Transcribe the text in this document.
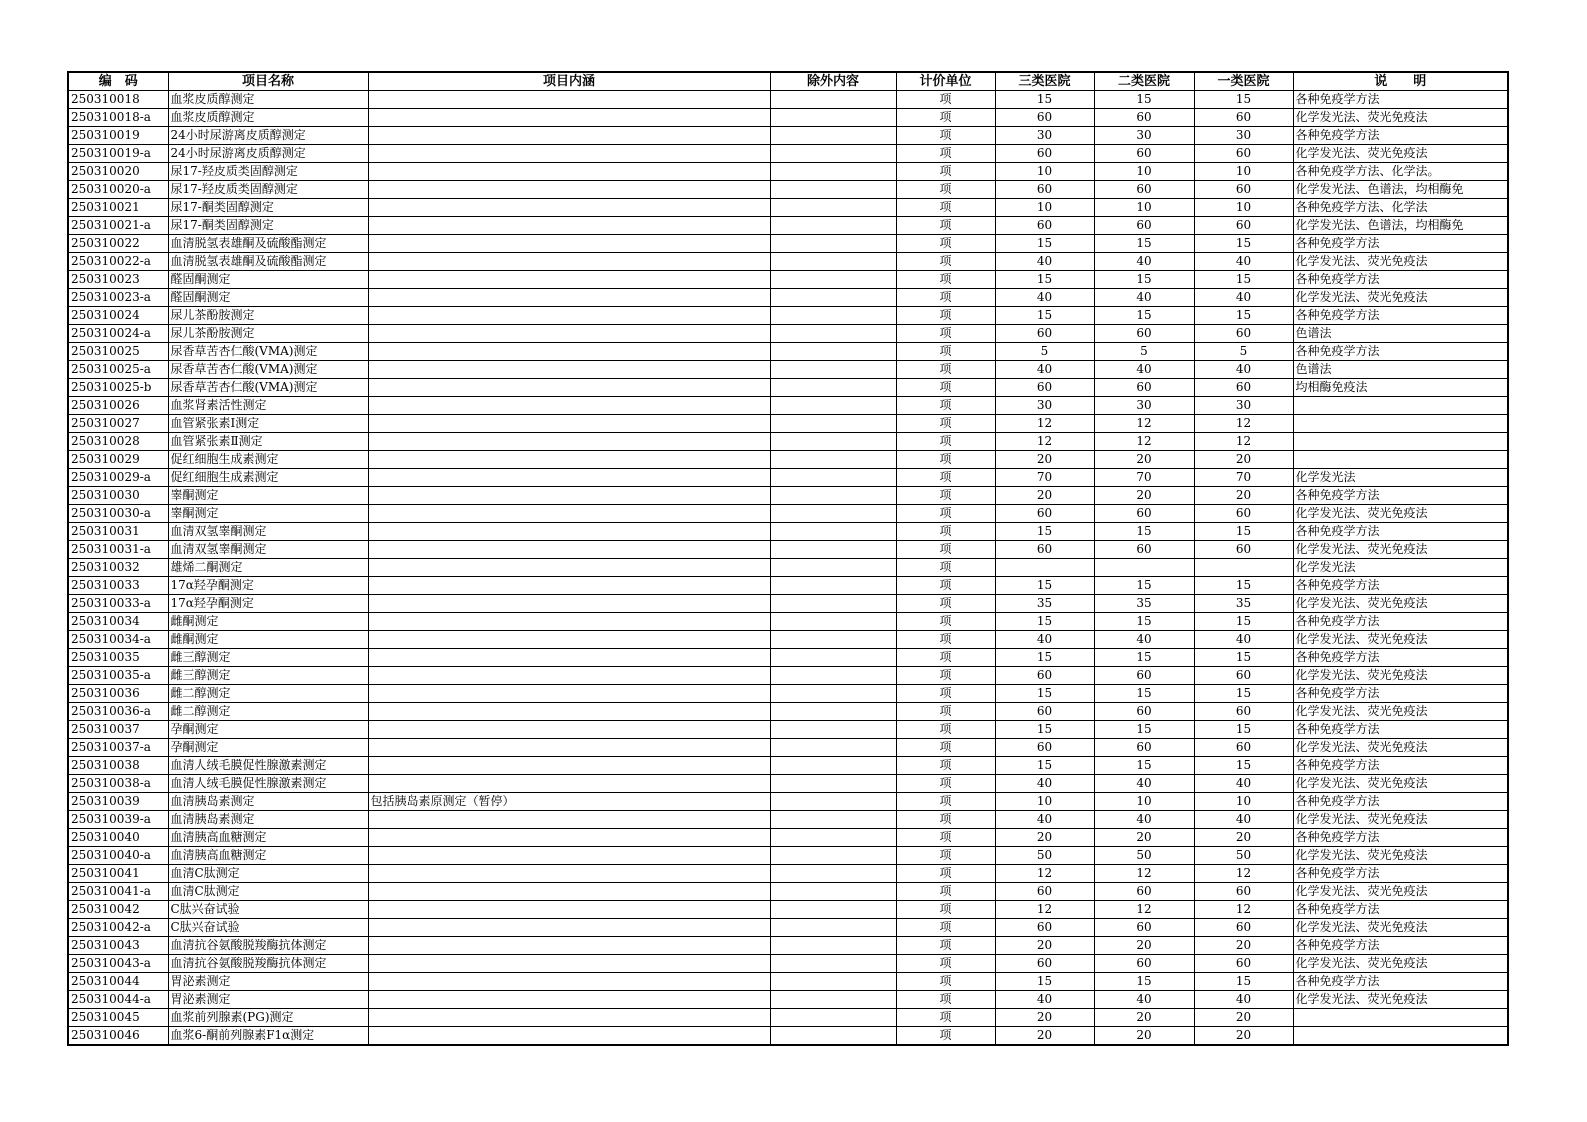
编　码	项目名称	项目内涵	除外内容	计价单位	三类医院	二类医院	一类医院	说　　明
250310018	血浆皮质醇测定			项	15	15	15	各种免疫学方法
250310018-a	血浆皮质醇测定			项	60	60	60	化学发光法、荧光免疫法
250310019	24小时尿游离皮质醇测定			项	30	30	30	各种免疫学方法
250310019-a	24小时尿游离皮质醇测定			项	60	60	60	化学发光法、荧光免疫法
250310020	尿17-羟皮质类固醇测定			项	10	10	10	各种免疫学方法、化学法。
250310020-a	尿17-羟皮质类固醇测定			项	60	60	60	化学发光法、色谱法，均相酶免
250310021	尿17-酮类固醇测定			项	10	10	10	各种免疫学方法、化学法
250310021-a	尿17-酮类固醇测定			项	60	60	60	化学发光法、色谱法，均相酶免
250310022	血清脱氢表雄酮及硫酸酯测定			项	15	15	15	各种免疫学方法
250310022-a	血清脱氢表雄酮及硫酸酯测定			项	40	40	40	化学发光法、荧光免疫法
250310023	醛固酮测定			项	15	15	15	各种免疫学方法
250310023-a	醛固酮测定			项	40	40	40	化学发光法、荧光免疫法
250310024	尿儿茶酚胺测定			项	15	15	15	各种免疫学方法
250310024-a	尿儿茶酚胺测定			项	60	60	60	色谱法
250310025	尿香草苦杏仁酸(VMA)测定			项	5	5	5	各种免疫学方法
250310025-a	尿香草苦杏仁酸(VMA)测定			项	40	40	40	色谱法
250310025-b	尿香草苦杏仁酸(VMA)测定			项	60	60	60	均相酶免疫法
250310026	血浆肾素活性测定			项	30	30	30	
250310027	血管紧张素Ⅰ测定			项	12	12	12	
250310028	血管紧张素Ⅱ测定			项	12	12	12	
250310029	促红细胞生成素测定			项	20	20	20	
250310029-a	促红细胞生成素测定			项	70	70	70	化学发光法
250310030	睾酮测定			项	20	20	20	各种免疫学方法
250310030-a	睾酮测定			项	60	60	60	化学发光法、荧光免疫法
250310031	血清双氢睾酮测定			项	15	15	15	各种免疫学方法
250310031-a	血清双氢睾酮测定			项	60	60	60	化学发光法、荧光免疫法
250310032	雄烯二酮测定			项				化学发光法
250310033	17α羟孕酮测定			项	15	15	15	各种免疫学方法
250310033-a	17α羟孕酮测定			项	35	35	35	化学发光法、荧光免疫法
250310034	雌酮测定			项	15	15	15	各种免疫学方法
250310034-a	雌酮测定			项	40	40	40	化学发光法、荧光免疫法
250310035	雌三醇测定			项	15	15	15	各种免疫学方法
250310035-a	雌三醇测定			项	60	60	60	化学发光法、荧光免疫法
250310036	雌二醇测定			项	15	15	15	各种免疫学方法
250310036-a	雌二醇测定			项	60	60	60	化学发光法、荧光免疫法
250310037	孕酮测定			项	15	15	15	各种免疫学方法
250310037-a	孕酮测定			项	60	60	60	化学发光法、荧光免疫法
250310038	血清人绒毛膜促性腺激素测定			项	15	15	15	各种免疫学方法
250310038-a	血清人绒毛膜促性腺激素测定			项	40	40	40	化学发光法、荧光免疫法
250310039	血清胰岛素测定	包括胰岛素原测定（暂停）		项	10	10	10	各种免疫学方法
250310039-a	血清胰岛素测定			项	40	40	40	化学发光法、荧光免疫法
250310040	血清胰高血糖测定			项	20	20	20	各种免疫学方法
250310040-a	血清胰高血糖测定			项	50	50	50	化学发光法、荧光免疫法
250310041	血清C肽测定			项	12	12	12	各种免疫学方法
250310041-a	血清C肽测定			项	60	60	60	化学发光法、荧光免疫法
250310042	C肽兴奋试验			项	12	12	12	各种免疫学方法
250310042-a	C肽兴奋试验			项	60	60	60	化学发光法、荧光免疫法
250310043	血清抗谷氨酸脱羧酶抗体测定			项	20	20	20	各种免疫学方法
250310043-a	血清抗谷氨酸脱羧酶抗体测定			项	60	60	60	化学发光法、荧光免疫法
250310044	胃泌素测定			项	15	15	15	各种免疫学方法
250310044-a	胃泌素测定			项	40	40	40	化学发光法、荧光免疫法
250310045	血浆前列腺素(PG)测定			项	20	20	20	
250310046	血浆6-酮前列腺素F1α测定			项	20	20	20	
